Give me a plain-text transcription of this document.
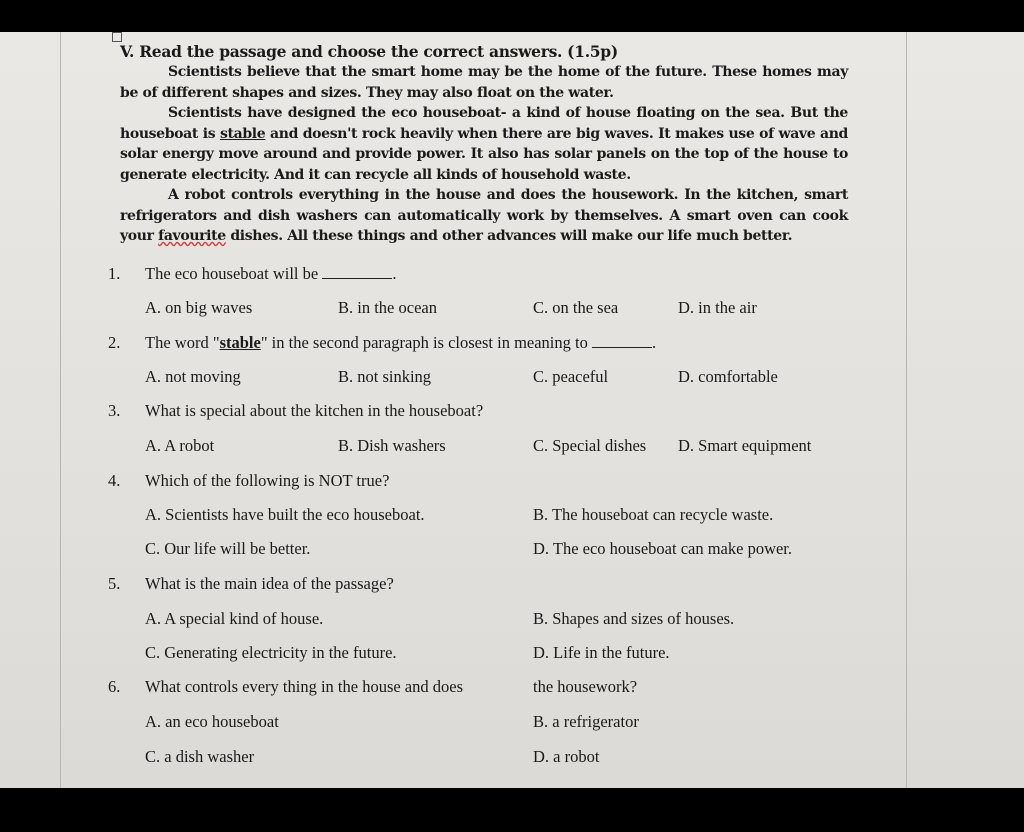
V. Read the passage and choose the correct answers. (1.5p)

Scientists believe that the smart home may be the home of the future. These homes may be of different shapes and sizes. They may also float on the water.

Scientists have designed the eco houseboat- a kind of house floating on the sea. But the houseboat is stable and doesn't rock heavily when there are big waves. It makes use of wave and solar energy move around and provide power. It also has solar panels on the top of the house to generate electricity. And it can recycle all kinds of household waste.

A robot controls everything in the house and does the housework. In the kitchen, smart refrigerators and dish washers can automatically work by themselves. A smart oven can cook your favourite dishes. All these things and other advances will make our life much better.

1. The eco houseboat will be	.
A. on big waves	B. in the ocean	C. on the sea	D. in the air
2. The word "stable" in the second paragraph is closest in meaning to	.
A. not moving	B. not sinking	C. peaceful	D. comfortable
3. What is special about the kitchen in the houseboat?
A. A robot	B. Dish washers	C. Special dishes D. Smart equipment
4. Which of the following is NOT true?
A. Scientists have built the eco houseboat.	B. The houseboat can recycle waste.
C. Our life will be better.	D. The eco houseboat can make power.
5. What is the main idea of the passage?
A. A special kind of house.	B. Shapes and sizes of houses.
C. Generating electricity in the future.	D. Life in the future.
6. What controls every thing in the house and does	the housework?
A. an eco houseboat	B. a refrigerator
C. a dish washer	D. a robot
